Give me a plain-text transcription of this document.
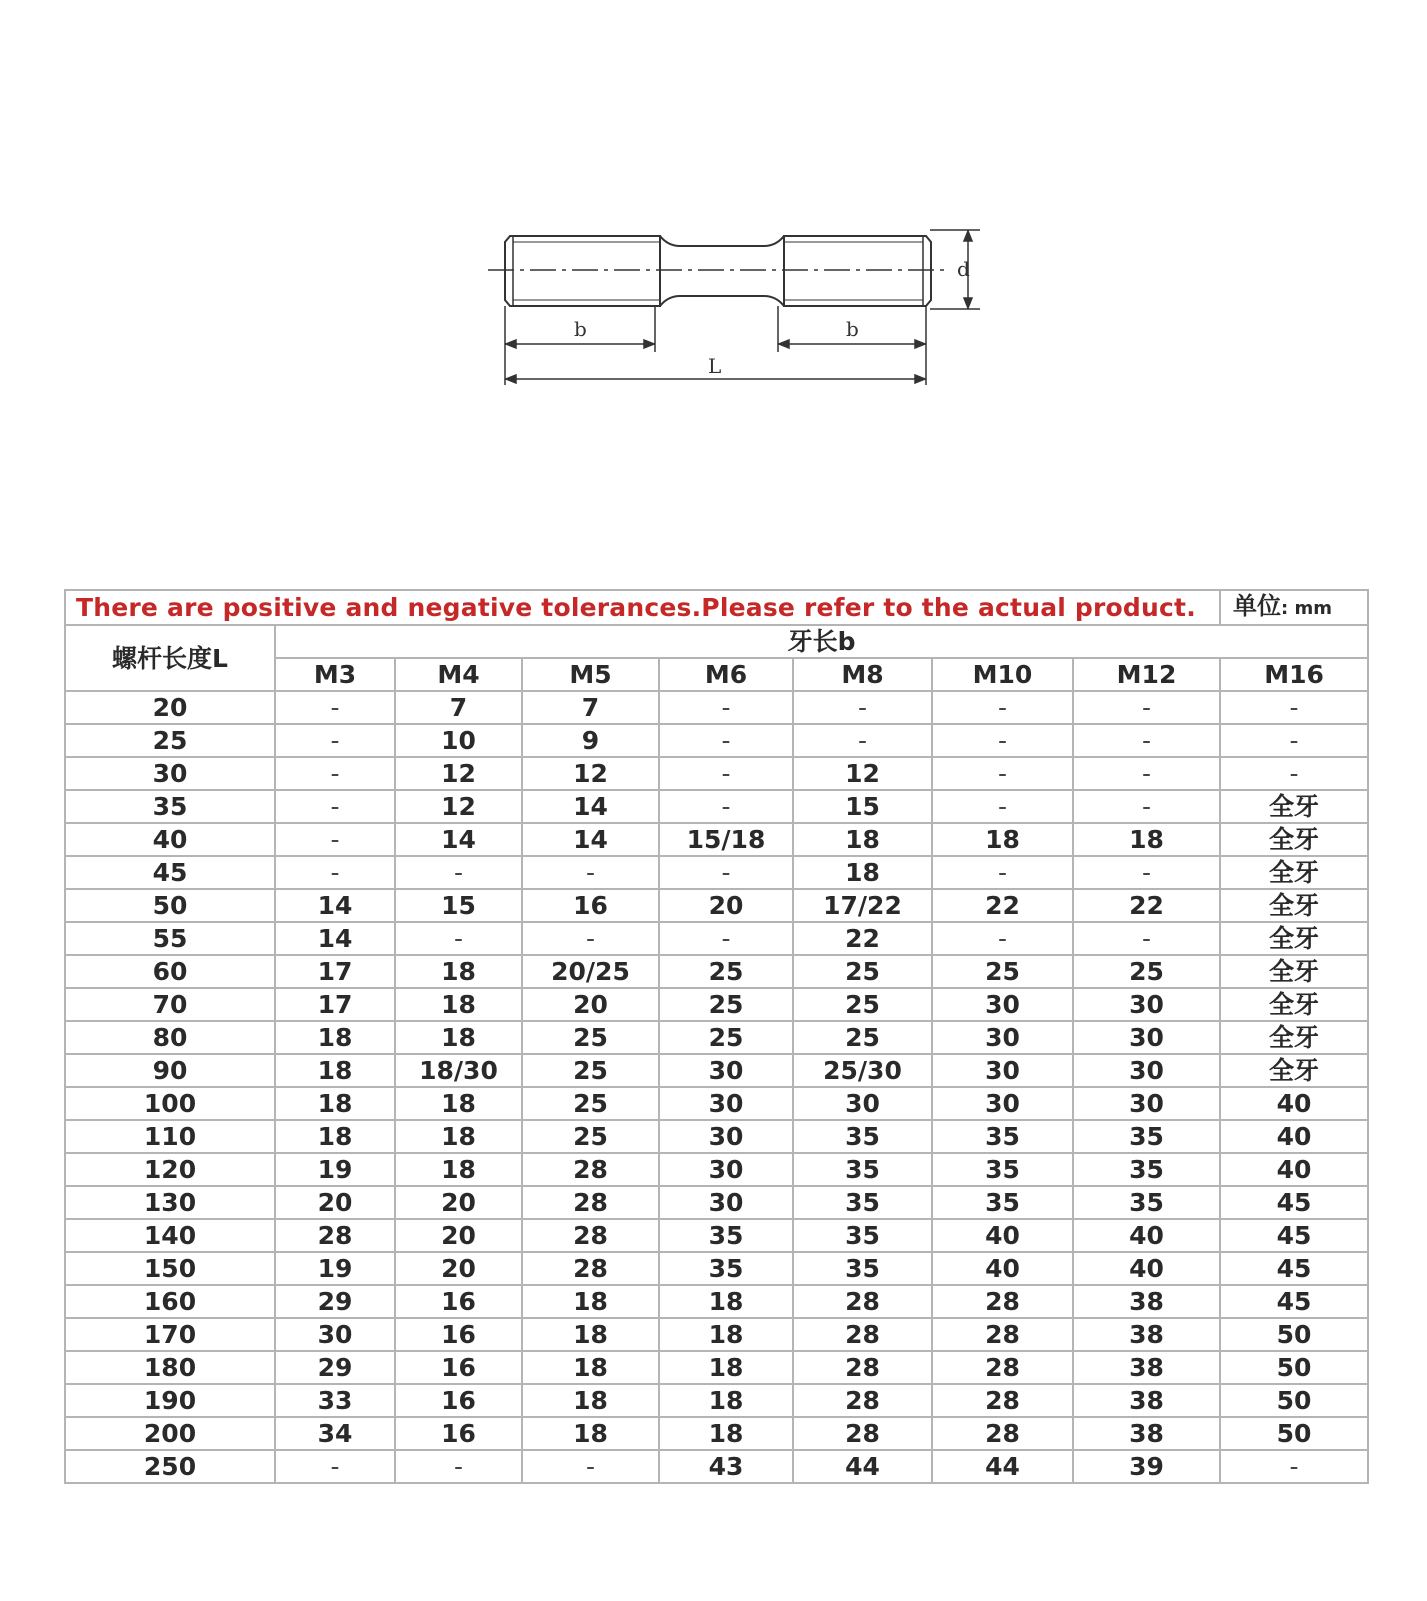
d
b	b
L
There are positive and negative tolerances.Please refer to the actual product.								单位: mm
螺杆长度L	牙长b							
	M3	M4	M5	M6	M8	M10	M12	M16
20	-	7	7	-	-	-	-	-
25	-	10	9	-	-	-	-	-
30	-	12	12	-	12	-	-	-
35	-	12	14	-	15	-	-	全牙
40	-	14	14	15/18	18	18	18	全牙
45	-	-	-	-	18	-	-	全牙
50	14	15	16	20	17/22	22	22	全牙
55	14	-	-	-	22	-	-	全牙
60	17	18	20/25	25	25	25	25	全牙
70	17	18	20	25	25	30	30	全牙
80	18	18	25	25	25	30	30	全牙
90	18	18/30	25	30	25/30	30	30	全牙
100	18	18	25	30	30	30	30	40
110	18	18	25	30	35	35	35	40
120	19	18	28	30	35	35	35	40
130	20	20	28	30	35	35	35	45
140	28	20	28	35	35	40	40	45
150	19	20	28	35	35	40	40	45
160	29	16	18	18	28	28	38	45
170	30	16	18	18	28	28	38	50
180	29	16	18	18	28	28	38	50
190	33	16	18	18	28	28	38	50
200	34	16	18	18	28	28	38	50
250	-	-	-	43	44	44	39	-
